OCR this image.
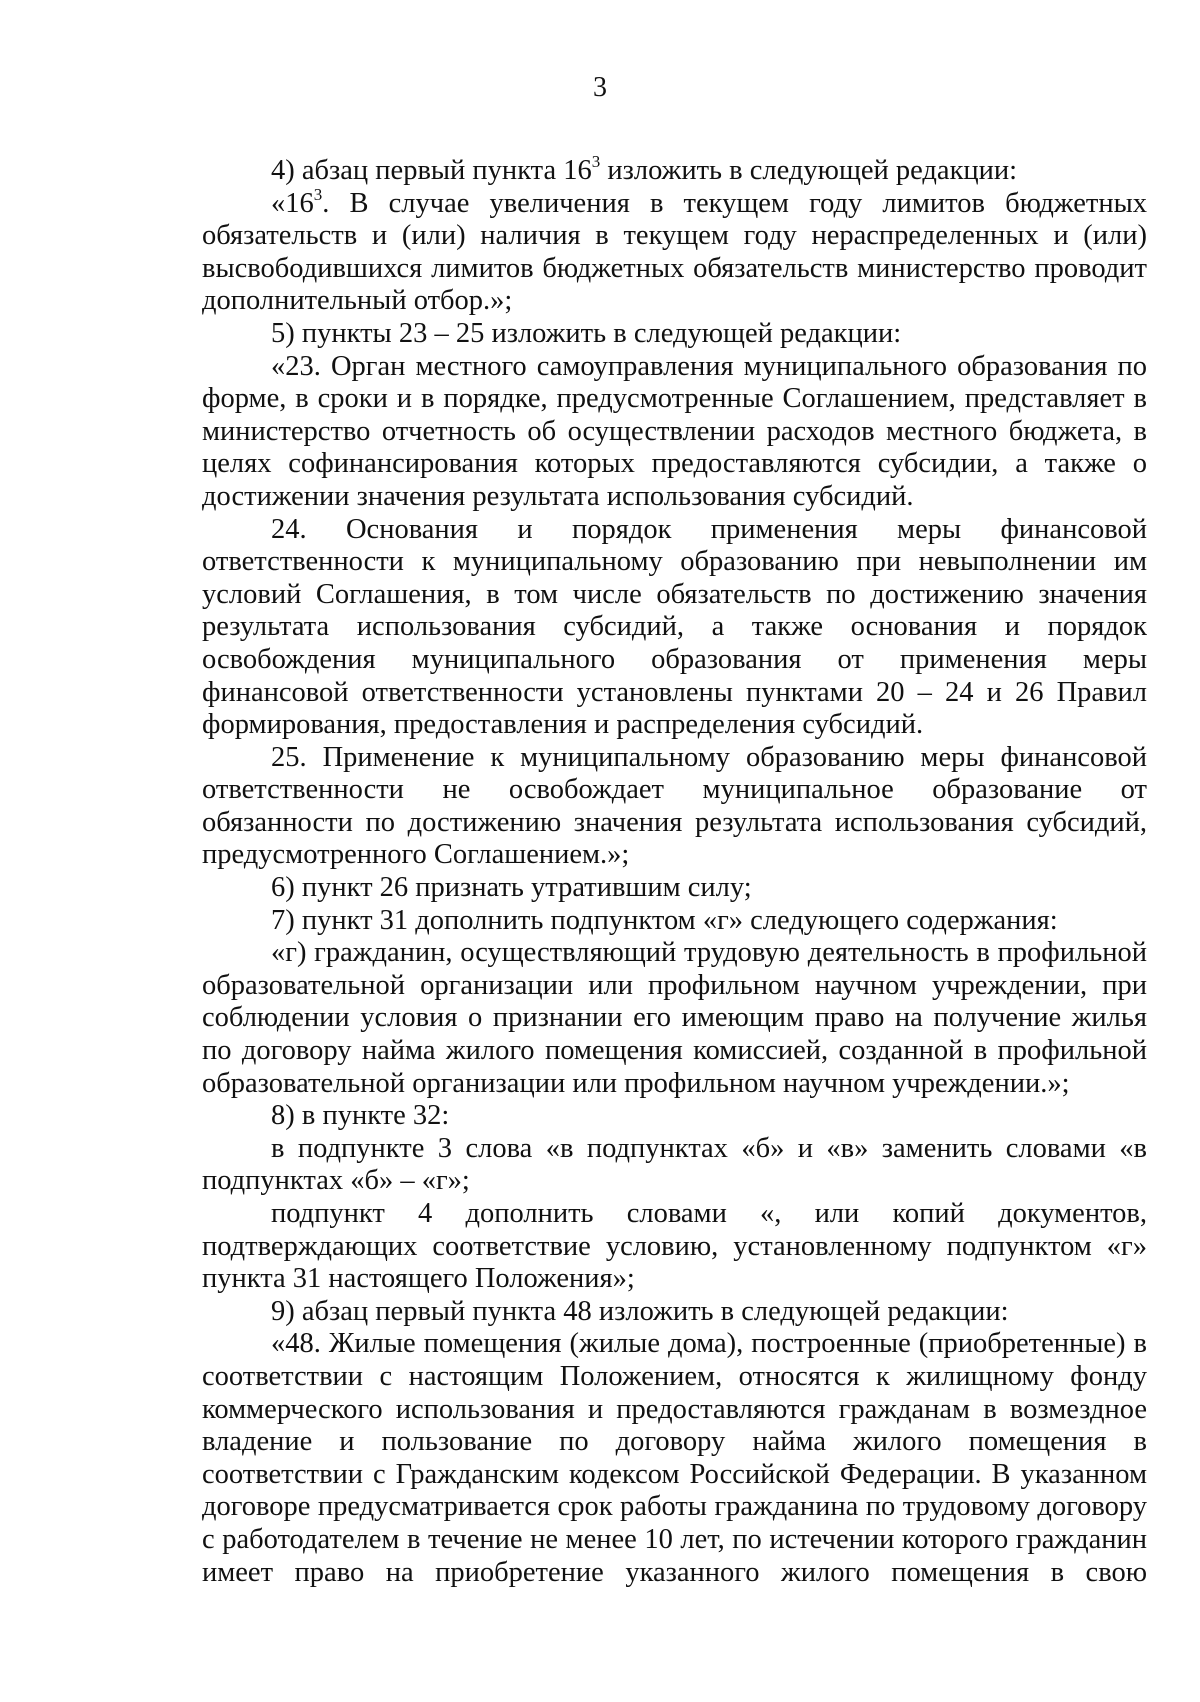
3

4) абзац первый пункта $16^3$ изложить в следующей редакции:

«$16^3$. В случае увеличения в текущем году лимитов бюджетных обязательств и (или) наличия в текущем году нераспределенных и (или) высвободившихся лимитов бюджетных обязательств министерство проводит дополнительный отбор.»;

5) пункты 23 – 25 изложить в следующей редакции:

«23. Орган местного самоуправления муниципального образования по форме, в сроки и в порядке, предусмотренные Соглашением, представляет в министерство отчетность об осуществлении расходов местного бюджета, в целях софинансирования которых предоставляются субсидии, а также о достижении значения результата использования субсидий.

24. Основания и порядок применения меры финансовой ответственности к муниципальному образованию при невыполнении им условий Соглашения, в том числе обязательств по достижению значения результата использования субсидий, а также основания и порядок освобождения муниципального образования от применения меры финансовой ответственности установлены пунктами 20 – 24 и 26 Правил формирования, предоставления и распределения субсидий.

25. Применение к муниципальному образованию меры финансовой ответственности не освобождает муниципальное образование от обязанности по достижению значения результата использования субсидий, предусмотренного Соглашением.»;

6) пункт 26 признать утратившим силу;

7) пункт 31 дополнить подпунктом «г» следующего содержания:

«г) гражданин, осуществляющий трудовую деятельность в профильной образовательной организации или профильном научном учреждении, при соблюдении условия о признании его имеющим право на получение жилья по договору найма жилого помещения комиссией, созданной в профильной образовательной организации или профильном научном учреждении.»;

8) в пункте 32:

в подпункте 3 слова «в подпунктах «б» и «в» заменить словами «в подпунктах «б» – «г»;

подпункт 4 дополнить словами «, или копий документов, подтверждающих соответствие условию, установленному подпунктом «г» пункта 31 настоящего Положения»;

9) абзац первый пункта 48 изложить в следующей редакции:

«48. Жилые помещения (жилые дома), построенные (приобретенные) в соответствии с настоящим Положением, относятся к жилищному фонду коммерческого использования и предоставляются гражданам в возмездное владение и пользование по договору найма жилого помещения в соответствии с Гражданским кодексом Российской Федерации. В указанном договоре предусматривается срок работы гражданина по трудовому договору с работодателем в течение не менее 10 лет, по истечении которого гражданин имеет право на приобретение указанного жилого помещения в свою
